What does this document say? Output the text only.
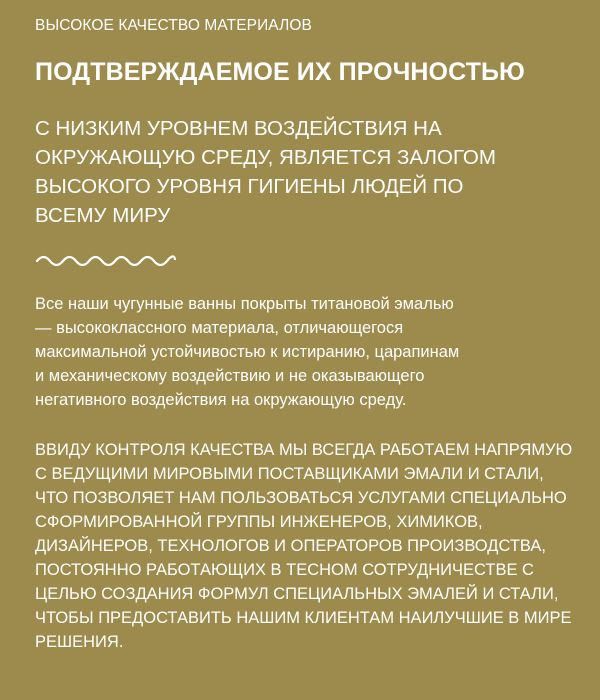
ВЫСОКОЕ КАЧЕСТВО МАТЕРИАЛОВ
ПОДТВЕРЖДАЕМОЕ ИХ ПРОЧНОСТЬЮ
С НИЗКИМ УРОВНЕМ ВОЗДЕЙСТВИЯ НА
ОКРУЖАЮЩУЮ СРЕДУ, ЯВЛЯЕТСЯ ЗАЛОГОМ
ВЫСОКОГО УРОВНЯ ГИГИЕНЫ ЛЮДЕЙ ПО
ВСЕМУ МИРУ
Все наши чугунные ванны покрыты титановой эмалью
— высококлассного материала, отличающегося
максимальной устойчивостью к истиранию, царапинам
и механическому воздействию и не оказывающего
негативного воздействия на окружающую среду.
ВВИДУ КОНТРОЛЯ КАЧЕСТВА МЫ ВСЕГДА РАБОТАЕМ НАПРЯМУЮ
С ВЕДУЩИМИ МИРОВЫМИ ПОСТАВЩИКАМИ ЭМАЛИ И СТАЛИ,
ЧТО ПОЗВОЛЯЕТ НАМ ПОЛЬЗОВАТЬСЯ УСЛУГАМИ СПЕЦИАЛЬНО
СФОРМИРОВАННОЙ ГРУППЫ ИНЖЕНЕРОВ, ХИМИКОВ,
ДИЗАЙНЕРОВ, ТЕХНОЛОГОВ И ОПЕРАТОРОВ ПРОИЗВОДСТВА,
ПОСТОЯННО РАБОТАЮЩИХ В ТЕСНОМ СОТРУДНИЧЕСТВЕ С
ЦЕЛЬЮ СОЗДАНИЯ ФОРМУЛ СПЕЦИАЛЬНЫХ ЭМАЛЕЙ И СТАЛИ,
ЧТОБЫ ПРЕДОСТАВИТЬ НАШИМ КЛИЕНТАМ НАИЛУЧШИЕ В МИРЕ
РЕШЕНИЯ.
